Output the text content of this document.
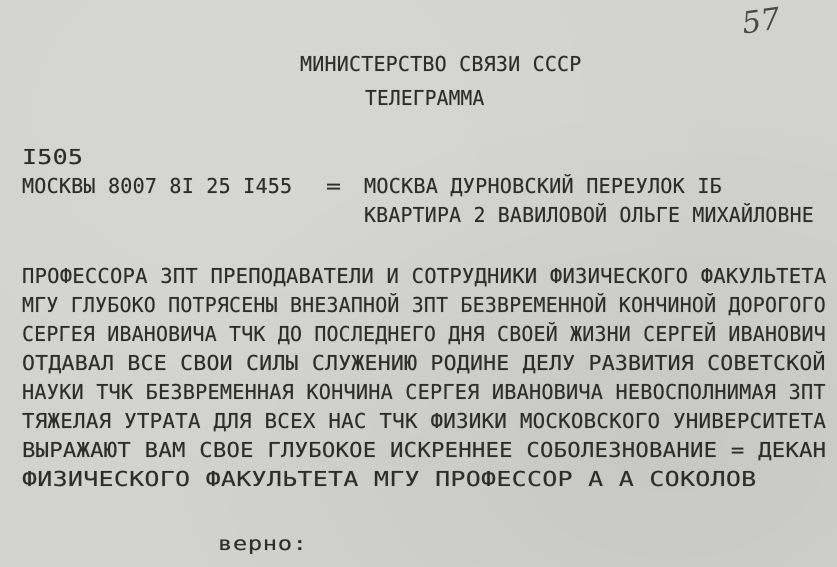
57
МИНИСТЕРСТВО СВЯЗИ СССР
ТЕЛЕГРАММА
I505
МОСКВЫ 8007 8I 25 I455 = МОСКВА ДУРНОВСКИЙ ПЕРЕУЛОК IБ
КВАРТИРА 2 ВАВИЛОВОЙ ОЛЬГЕ МИХАЙЛОВНЕ
ПРОФЕССОРА ЗПТ ПРЕПОДАВАТЕЛИ И СОТРУДНИКИ ФИЗИЧЕСКОГО ФАКУЛЬТЕТА
МГУ ГЛУБОКО ПОТРЯСЕНЫ ВНЕЗАПНОЙ ЗПТ БЕЗВРЕМЕННОЙ КОНЧИНОЙ ДОРОГОГО
СЕРГЕЯ ИВАНОВИЧА ТЧК ДО ПОСЛЕДНЕГО ДНЯ СВОЕЙ ЖИЗНИ СЕРГЕЙ ИВАНОВИЧ
ОТДАВАЛ ВСЕ СВОИ СИЛЫ СЛУЖЕНИЮ РОДИНЕ ДЕЛУ РАЗВИТИЯ СОВЕТСКОЙ
НАУКИ ТЧК БЕЗВРЕМЕННАЯ КОНЧИНА СЕРГЕЯ ИВАНОВИЧА НЕВОСПОЛНИМАЯ ЗПТ
ТЯЖЕЛАЯ УТРАТА ДЛЯ ВСЕХ НАС ТЧК ФИЗИКИ МОСКОВСКОГО УНИВЕРСИТЕТА
ВЫРАЖАЮТ ВАМ СВОЕ ГЛУБОКОЕ ИСКРЕННЕЕ СОБОЛЕЗНОВАНИЕ = ДЕКАН
ФИЗИЧЕСКОГО ФАКУЛЬТЕТА МГУ ПРОФЕССОР А А СОКОЛОВ
верно:
